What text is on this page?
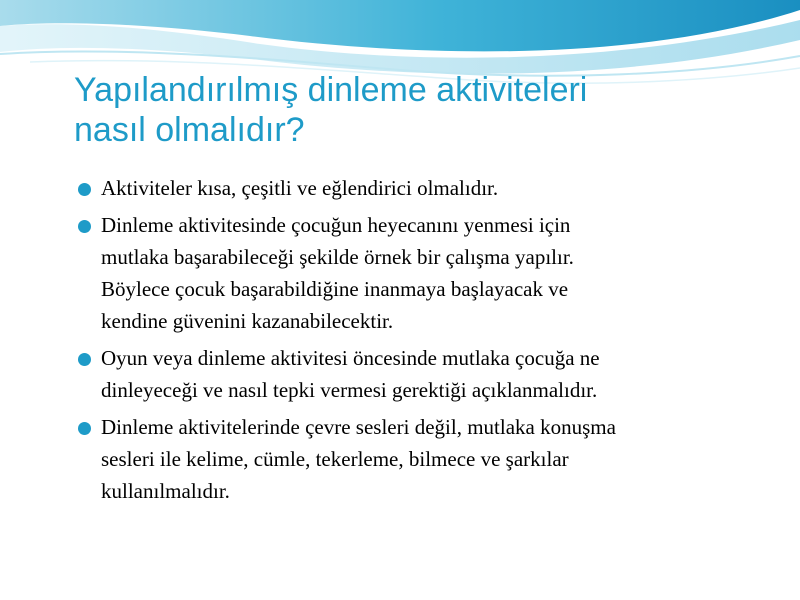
Yapılandırılmış dinleme aktiviteleri
nasıl olmalıdır?
Aktiviteler kısa, çeşitli ve eğlendirici olmalıdır.
Dinleme aktivitesinde çocuğun heyecanını yenmesi için
mutlaka başarabileceği şekilde örnek bir çalışma yapılır.
Böylece çocuk başarabildiğine inanmaya başlayacak ve
kendine güvenini kazanabilecektir.
Oyun veya dinleme aktivitesi öncesinde mutlaka çocuğa ne
dinleyeceği ve nasıl tepki vermesi gerektiği açıklanmalıdır.
Dinleme aktivitelerinde çevre sesleri değil, mutlaka konuşma
sesleri ile kelime, cümle, tekerleme, bilmece ve şarkılar
kullanılmalıdır.
